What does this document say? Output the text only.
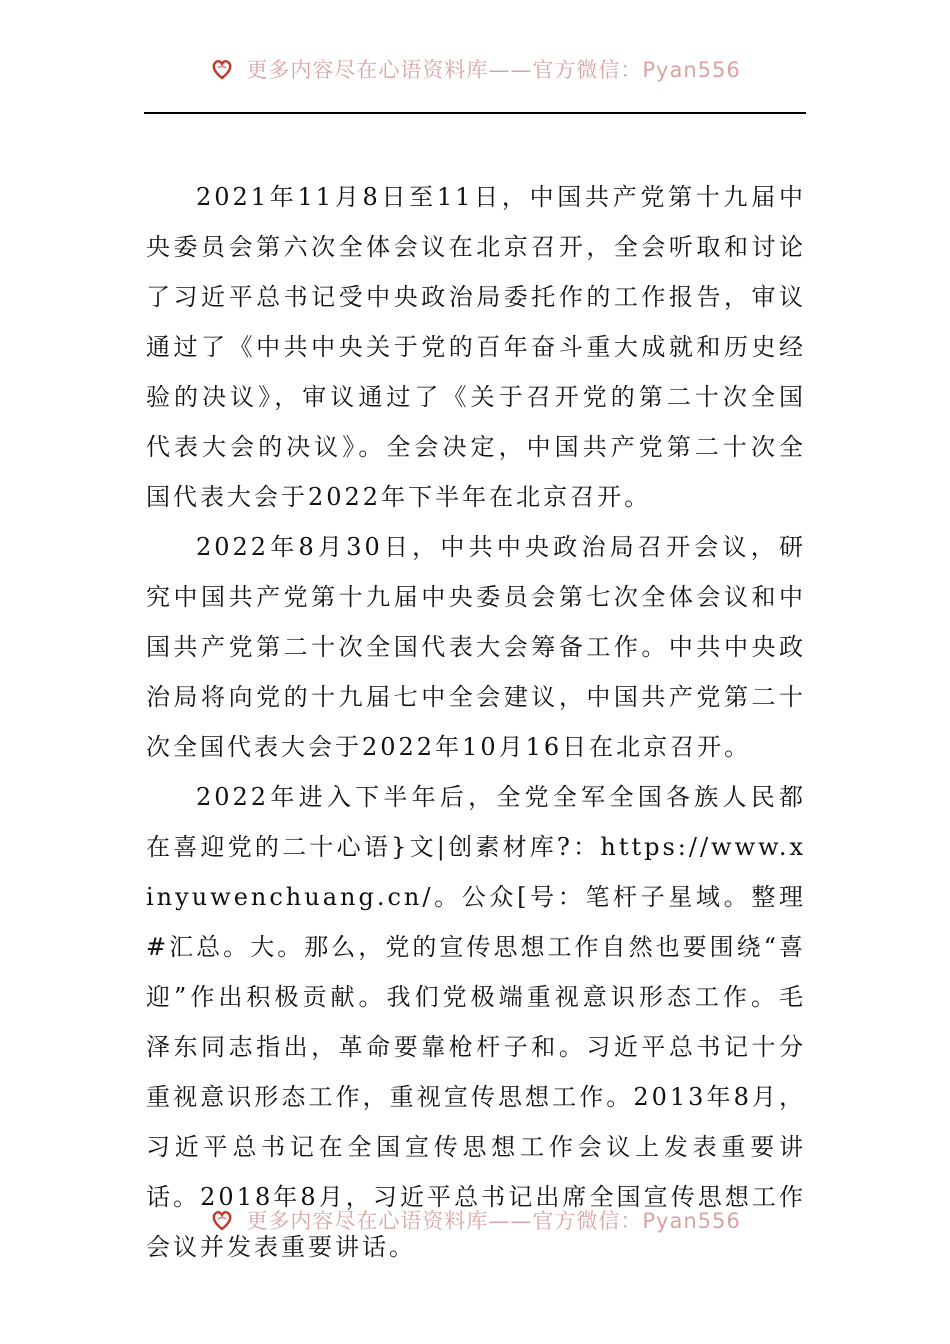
更多内容尽在心语资料库——官方微信：Pyan556

2021年11月8日至11日，中国共产党第十九届中央委员会第六次全体会议在北京召开，全会听取和讨论了习近平总书记受中央政治局委托作的工作报告，审议通过了《中共中央关于党的百年奋斗重大成就和历史经验的决议》，审议通过了《关于召开党的第二十次全国代表大会的决议》。全会决定，中国共产党第二十次全国代表大会于2022年下半年在北京召开。

2022年8月30日，中共中央政治局召开会议，研究中国共产党第十九届中央委员会第七次全体会议和中国共产党第二十次全国代表大会筹备工作。中共中央政治局将向党的十九届七中全会建议，中国共产党第二十次全国代表大会于2022年10月16日在北京召开。

2022年进入下半年后，全党全军全国各族人民都在喜迎党的二十心语}文|创素材库?：https://www.xinyuwenchuang.cn/。公众[号：笔杆子星域。整理#汇总。大。那么，党的宣传思想工作自然也要围绕“喜迎”作出积极贡献。我们党极端重视意识形态工作。毛泽东同志指出，革命要靠枪杆子和。习近平总书记十分重视意识形态工作，重视宣传思想工作。2013年8月，习近平总书记在全国宣传思想工作会议上发表重要讲话。2018年8月，习近平总书记出席全国宣传思想工作会议并发表重要讲话。

更多内容尽在心语资料库——官方微信：Pyan556
